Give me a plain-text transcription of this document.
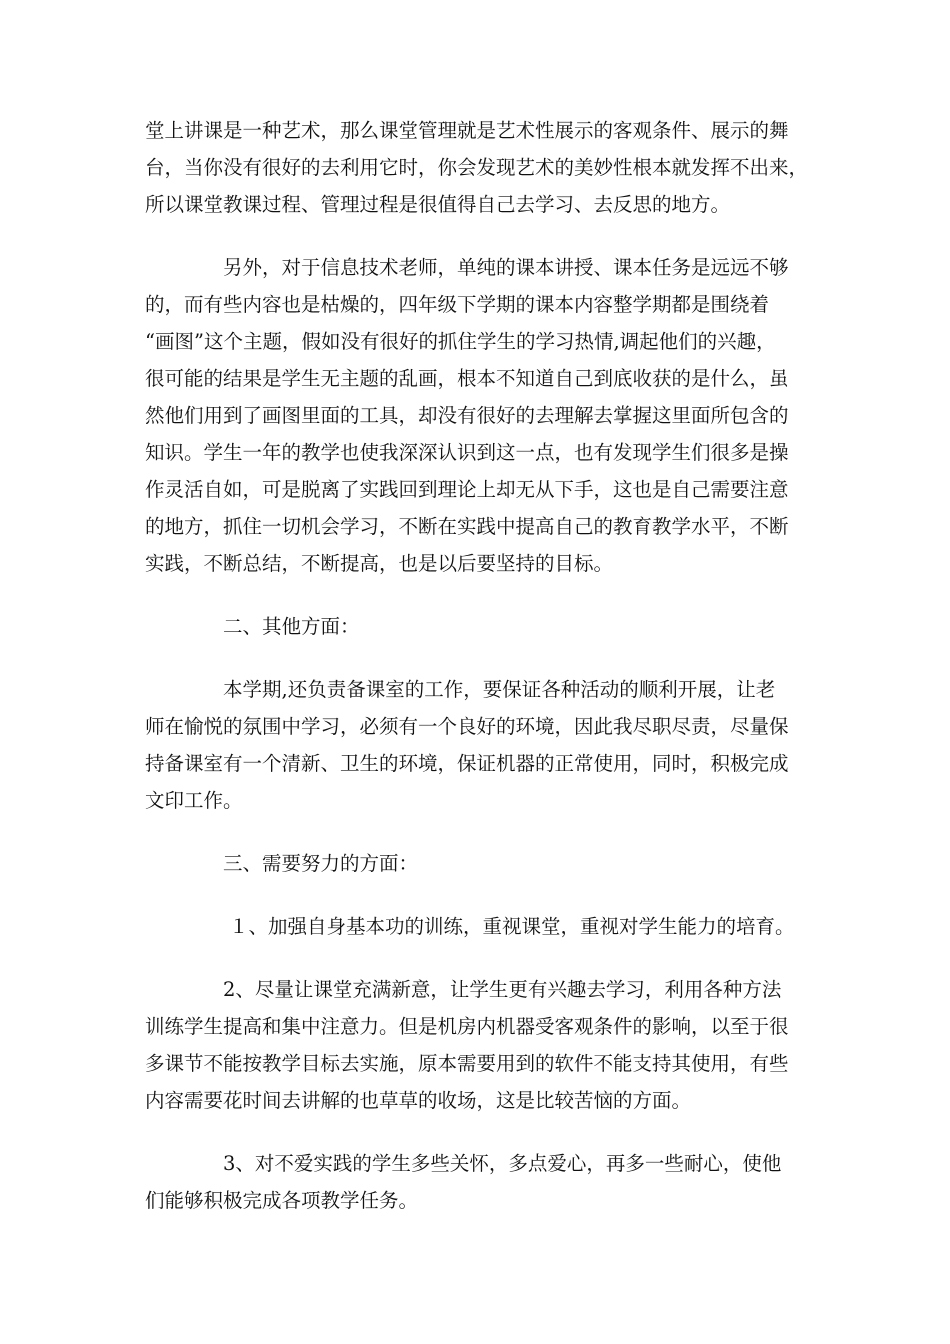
堂上讲课是一种艺术，那么课堂管理就是艺术性展示的客观条件、展示的舞
台，当你没有很好的去利用它时，你会发现艺术的美妙性根本就发挥不出来，
所以课堂教课过程、管理过程是很值得自己去学习、去反思的地方。
另外，对于信息技术老师，单纯的课本讲授、课本任务是远远不够
的，而有些内容也是枯燥的，四年级下学期的课本内容整学期都是围绕着
“画图”这个主题，假如没有很好的抓住学生的学习热情,调起他们的兴趣，
很可能的结果是学生无主题的乱画，根本不知道自己到底收获的是什么，虽
然他们用到了画图里面的工具，却没有很好的去理解去掌握这里面所包含的
知识。学生一年的教学也使我深深认识到这一点，也有发现学生们很多是操
作灵活自如，可是脱离了实践回到理论上却无从下手，这也是自己需要注意
的地方，抓住一切机会学习，不断在实践中提高自己的教育教学水平，不断
实践，不断总结，不断提高，也是以后要坚持的目标。
二、其他方面：
本学期,还负责备课室的工作，要保证各种活动的顺利开展，让老
师在愉悦的氛围中学习，必须有一个良好的环境，因此我尽职尽责，尽量保
持备课室有一个清新、卫生的环境，保证机器的正常使用，同时，积极完成
文印工作。
三、需要努力的方面：
１、加强自身基本功的训练，重视课堂，重视对学生能力的培育。
2、尽量让课堂充满新意，让学生更有兴趣去学习，利用各种方法
训练学生提高和集中注意力。但是机房内机器受客观条件的影响，以至于很
多课节不能按教学目标去实施，原本需要用到的软件不能支持其使用，有些
内容需要花时间去讲解的也草草的收场，这是比较苦恼的方面。
3、对不爱实践的学生多些关怀，多点爱心，再多一些耐心，使他
们能够积极完成各项教学任务。
